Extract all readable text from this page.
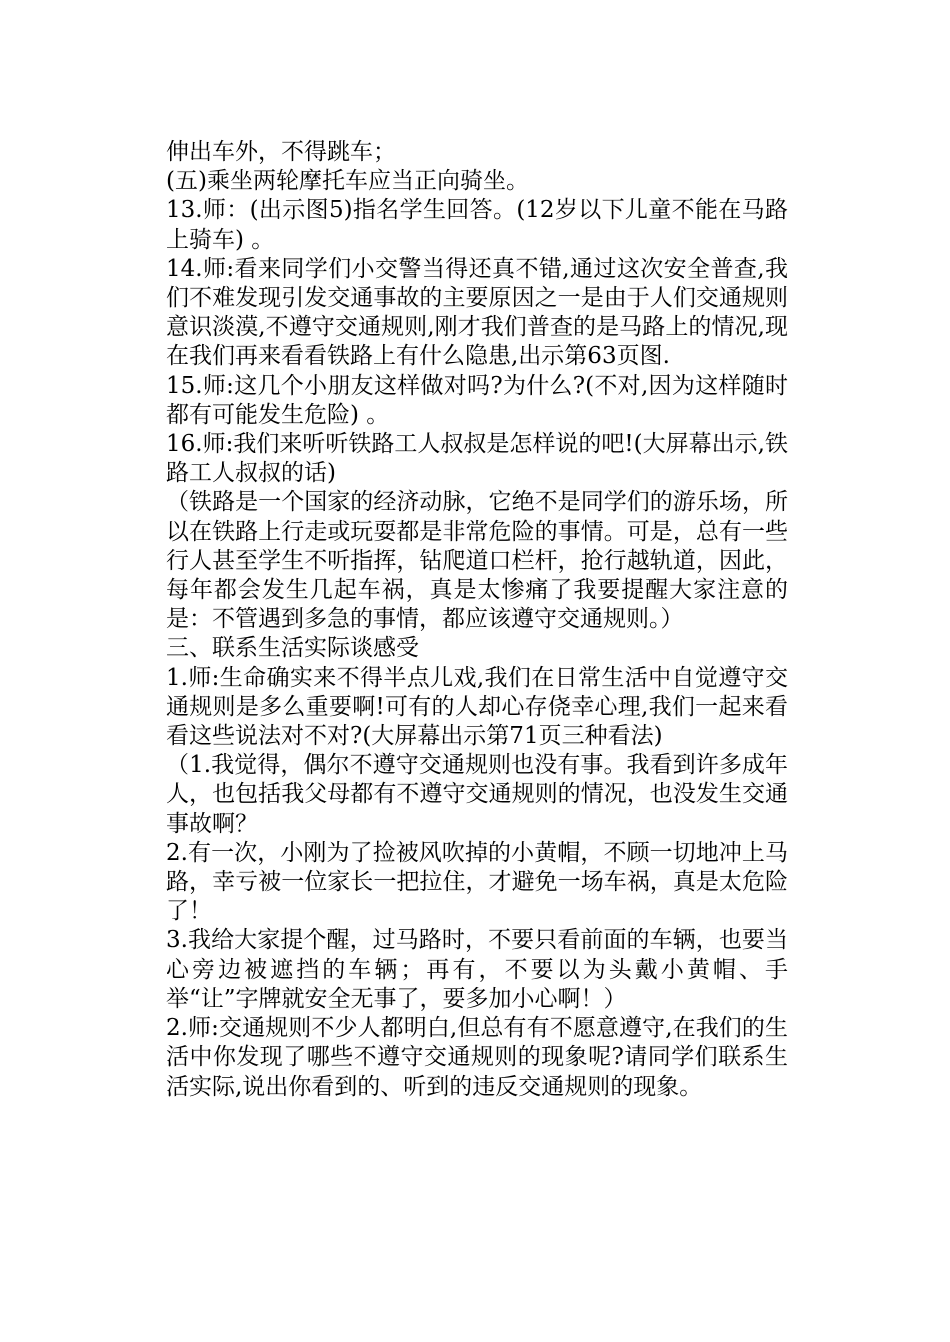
伸出车外，不得跳车；

(五)乘坐两轮摩托车应当正向骑坐。

13.师：(出示图5)指名学生回答。(12岁以下儿童不能在马路上骑车) 。

14.师:看来同学们小交警当得还真不错,通过这次安全普查,我们不难发现引发交通事故的主要原因之一是由于人们交通规则意识淡漠,不遵守交通规则,刚才我们普查的是马路上的情况,现在我们再来看看铁路上有什么隐患,出示第63页图.

15.师:这几个小朋友这样做对吗?为什么?(不对,因为这样随时都有可能发生危险) 。

16.师:我们来听听铁路工人叔叔是怎样说的吧!(大屏幕出示,铁路工人叔叔的话)

（铁路是一个国家的经济动脉，它绝不是同学们的游乐场，所以在铁路上行走或玩耍都是非常危险的事情。可是，总有一些行人甚至学生不听指挥，钻爬道口栏杆，抢行越轨道，因此，每年都会发生几起车祸，真是太惨痛了我要提醒大家注意的是：不管遇到多急的事情，都应该遵守交通规则。）

三、联系生活实际谈感受

1.师:生命确实来不得半点儿戏,我们在日常生活中自觉遵守交通规则是多么重要啊!可有的人却心存侥幸心理,我们一起来看看这些说法对不对?(大屏幕出示第71页三种看法)

（1.我觉得，偶尔不遵守交通规则也没有事。我看到许多成年人，也包括我父母都有不遵守交通规则的情况，也没发生交通事故啊？

2.有一次，小刚为了捡被风吹掉的小黄帽，不顾一切地冲上马路，幸亏被一位家长一把拉住，才避免一场车祸，真是太危险了！

3.我给大家提个醒，过马路时，不要只看前面的车辆，也要当心旁边被遮挡的车辆；再有，不要以为头戴小黄帽、手举“让”字牌就安全无事了，要多加小心啊！）

2.师:交通规则不少人都明白,但总有有不愿意遵守,在我们的生活中你发现了哪些不遵守交通规则的现象呢?请同学们联系生活实际,说出你看到的、听到的违反交通规则的现象。
